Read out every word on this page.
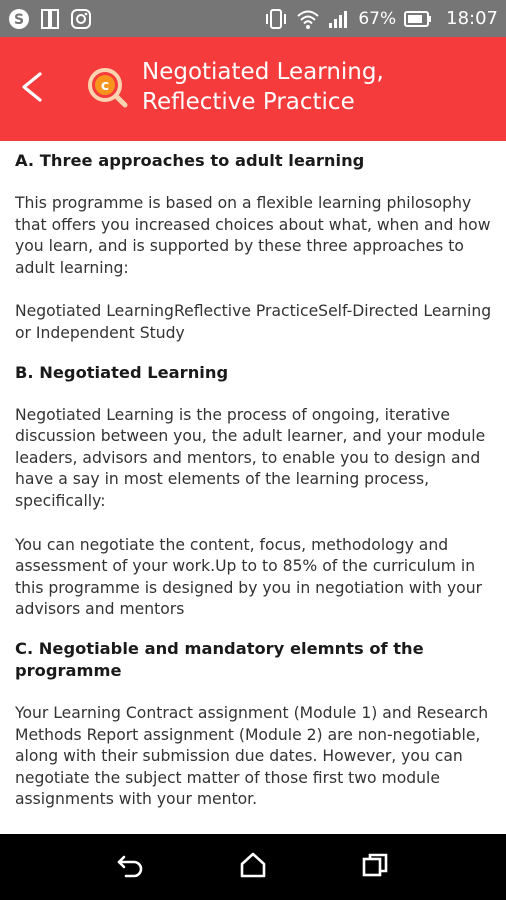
S	67%	18:07
c
Negotiated Learning,
Reflective Practice
A. Three approaches to adult learning

This programme is based on a flexible learning philosophy that offers you increased choices about what, when and how you learn, and is supported by these three approaches to adult learning:

Negotiated LearningReflective PracticeSelf-Directed Learning or Independent Study

B. Negotiated Learning

Negotiated Learning is the process of ongoing, iterative discussion between you, the adult learner, and your module leaders, advisors and mentors, to enable you to design and have a say in most elements of the learning process, specifically:

You can negotiate the content, focus, methodology and assessment of your work.Up to to 85% of the curriculum in this programme is designed by you in negotiation with your advisors and mentors

C. Negotiable and mandatory elemnts of the programme

Your Learning Contract assignment (Module 1) and Research Methods Report assignment (Module 2) are non-negotiable, along with their submission due dates. However, you can negotiate the subject matter of those first two module assignments with your mentor.
